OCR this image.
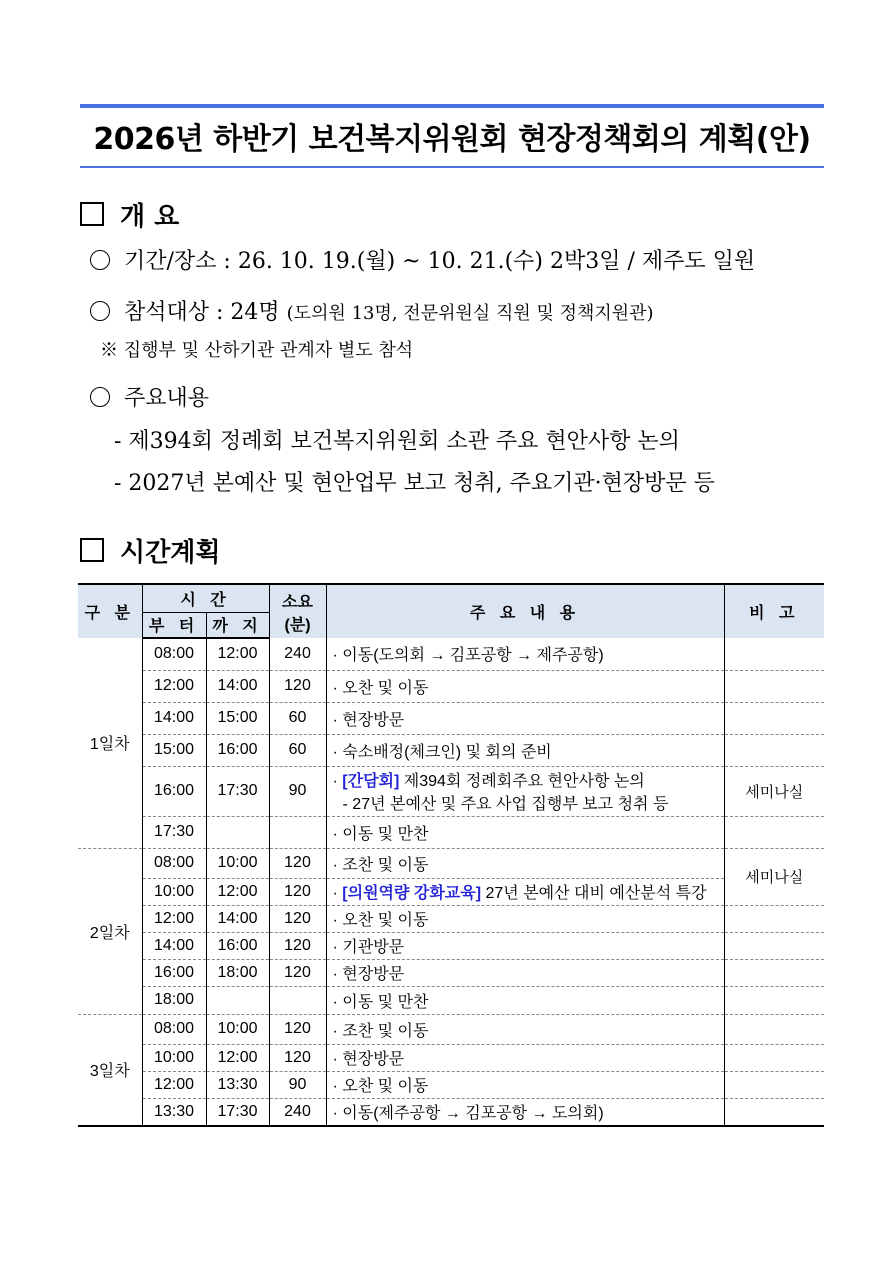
2026년 하반기 보건복지위원회 현장정책회의 계획(안)
개 요
기간/장소 : 26. 10. 19.(월) ~ 10. 21.(수) 2박3일 / 제주도 일원
참석대상 : 24명 (도의원 13명, 전문위원실 직원 및 정책지원관)
※ 집행부 및 산하기관 관계자 별도 참석
주요내용
- 제394회 정례회 보건복지위원회 소관 주요 현안사항 논의
- 2027년 본예산 및 현안업무 보고 청취, 주요기관·현장방문 등
시간계획
구 분	시 간		소요 (분)	주 요 내 용	비 고
	부 터	까 지			
1일차	08:00	12:00	240	· 이동(도의회 → 김포공항 → 제주공항)	
	12:00	14:00	120	· 오찬 및 이동	
	14:00	15:00	60	· 현장방문	
	15:00	16:00	60	· 숙소배정(체크인) 및 회의 준비	
	16:00	17:30	90	· [간담회] 제394회 정례회주요 현안사항 논의
- 27년 본예산 및 주요 사업 집행부 보고 청취 등	세미나실
	17:30			· 이동 및 만찬	
2일차	08:00	10:00	120	· 조찬 및 이동	세미나실
	10:00	12:00	120	· [의원역량 강화교육] 27년 본예산 대비 예산분석 특강	
	12:00	14:00	120	· 오찬 및 이동	
	14:00	16:00	120	· 기관방문	
	16:00	18:00	120	· 현장방문	
	18:00			· 이동 및 만찬	
3일차	08:00	10:00	120	· 조찬 및 이동	
	10:00	12:00	120	· 현장방문	
	12:00	13:30	90	· 오찬 및 이동	
	13:30	17:30	240	· 이동(제주공항 → 김포공항 → 도의회)	
